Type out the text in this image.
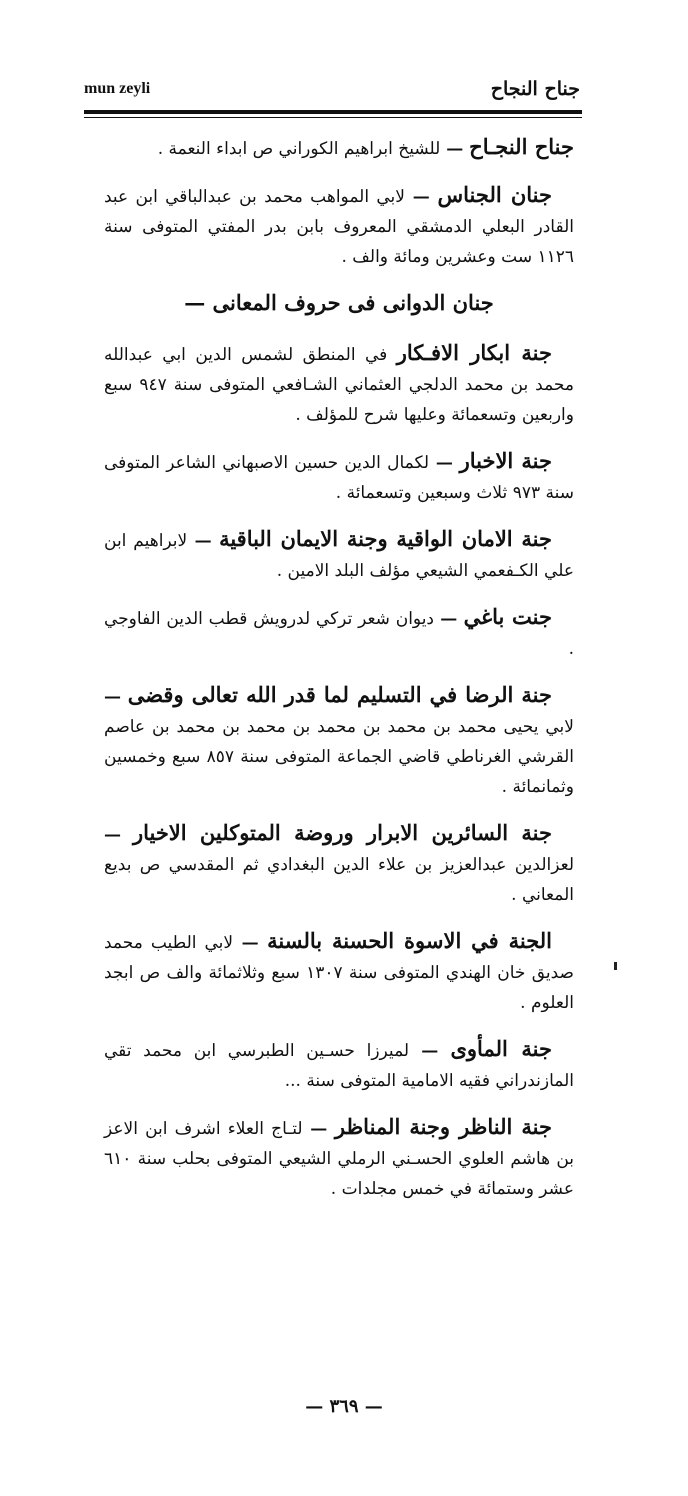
mun zeyli	جناح النجاح

جناح النجـاح — للشيخ ابراهيم الكوراني ص ابداء النعمة .

جنان الجناس — لابي المواهب محمد بن عبدالباقي ابن عبد القادر البعلي الدمشقي المعروف بابن بدر المفتي المتوفى سنة ١١٢٦ ست وعشرين ومائة والف .

جنان الدوانى فى حروف المعانى —

جنة ابكار الافـكار في المنطق لشمس الدين ابي عبدالله محمد بن محمد الدلجي العثماني الشـافعي المتوفى سنة ٩٤٧ سبع واربعين وتسعمائة وعليها شرح للمؤلف .

جنة الاخبار — لكمال الدين حسين الاصبهاني الشاعر المتوفى سنة ٩٧٣ ثلاث وسبعين وتسعمائة .

جنة الامان الواقية وجنة الايمان الباقية — لابراهيم ابن علي الكـفعمي الشيعي مؤلف البلد الامين .

جنت باغي — ديوان شعر تركي لدرويش قطب الدين الفاوجي .

جنة الرضا في التسليم لما قدر الله تعالى وقضى — لابي يحيى محمد بن محمد بن محمد بن محمد بن محمد بن عاصم القرشي الغرناطي قاضي الجماعة المتوفى سنة ٨٥٧ سبع وخمسين وثمانمائة .

جنة السائرين الابرار وروضة المتوكلين الاخيار — لعزالدين عبدالعزيز بن علاء الدين البغدادي ثم المقدسي ص بديع المعاني .

الجنة في الاسوة الحسنة بالسنة — لابي الطيب محمد صديق خان الهندي المتوفى سنة ١٣٠٧ سبع وثلاثمائة والف ص ابجد العلوم .

جنة المأوى — لميرزا حسـين الطبرسي ابن محمد تقي المازندراني فقيه الامامية المتوفى سنة ...

جنة الناظر وجنة المناظر — لتـاج العلاء اشرف ابن الاعز بن هاشم العلوي الحسـني الرملي الشيعي المتوفى بحلب سنة ٦١٠ عشر وستمائة في خمس مجلدات .

— ٣٦٩ —
